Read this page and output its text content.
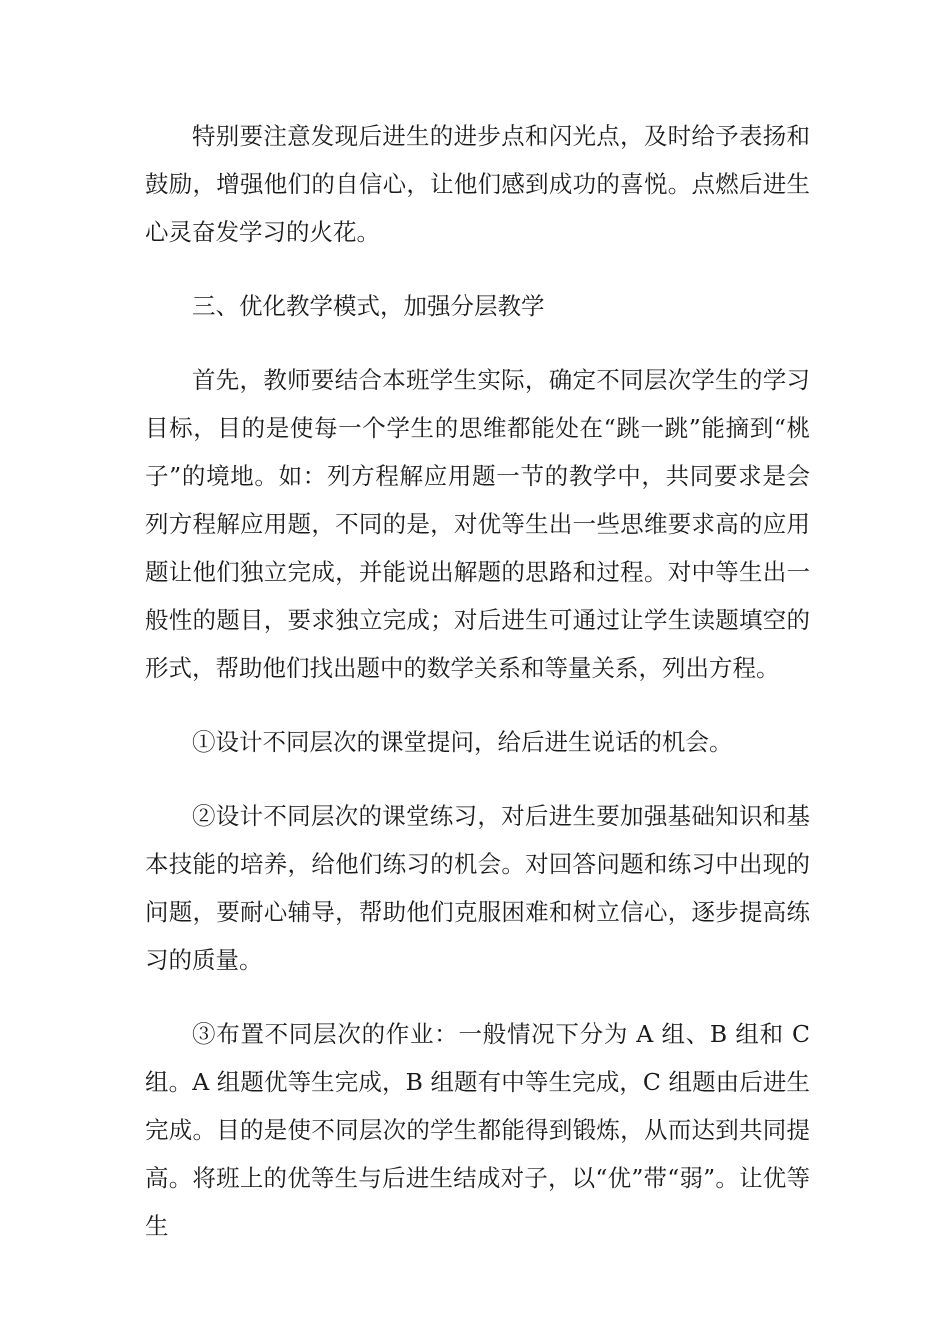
特别要注意发现后进生的进步点和闪光点，及时给予表扬和鼓励，增强他们的自信心，让他们感到成功的喜悦。点燃后进生心灵奋发学习的火花。

三、优化教学模式，加强分层教学

首先，教师要结合本班学生实际，确定不同层次学生的学习目标，目的是使每一个学生的思维都能处在“跳一跳”能摘到“桃子”的境地。如：列方程解应用题一节的教学中，共同要求是会列方程解应用题，不同的是，对优等生出一些思维要求高的应用题让他们独立完成，并能说出解题的思路和过程。对中等生出一般性的题目，要求独立完成；对后进生可通过让学生读题填空的形式，帮助他们找出题中的数学关系和等量关系，列出方程。

①设计不同层次的课堂提问，给后进生说话的机会。

②设计不同层次的课堂练习，对后进生要加强基础知识和基本技能的培养，给他们练习的机会。对回答问题和练习中出现的问题，要耐心辅导，帮助他们克服困难和树立信心，逐步提高练习的质量。

③布置不同层次的作业：一般情况下分为 A 组、B 组和 C 组。A 组题优等生完成，B 组题有中等生完成，C 组题由后进生完成。目的是使不同层次的学生都能得到锻炼，从而达到共同提高。将班上的优等生与后进生结成对子，以“优”带“弱”。让优等生
